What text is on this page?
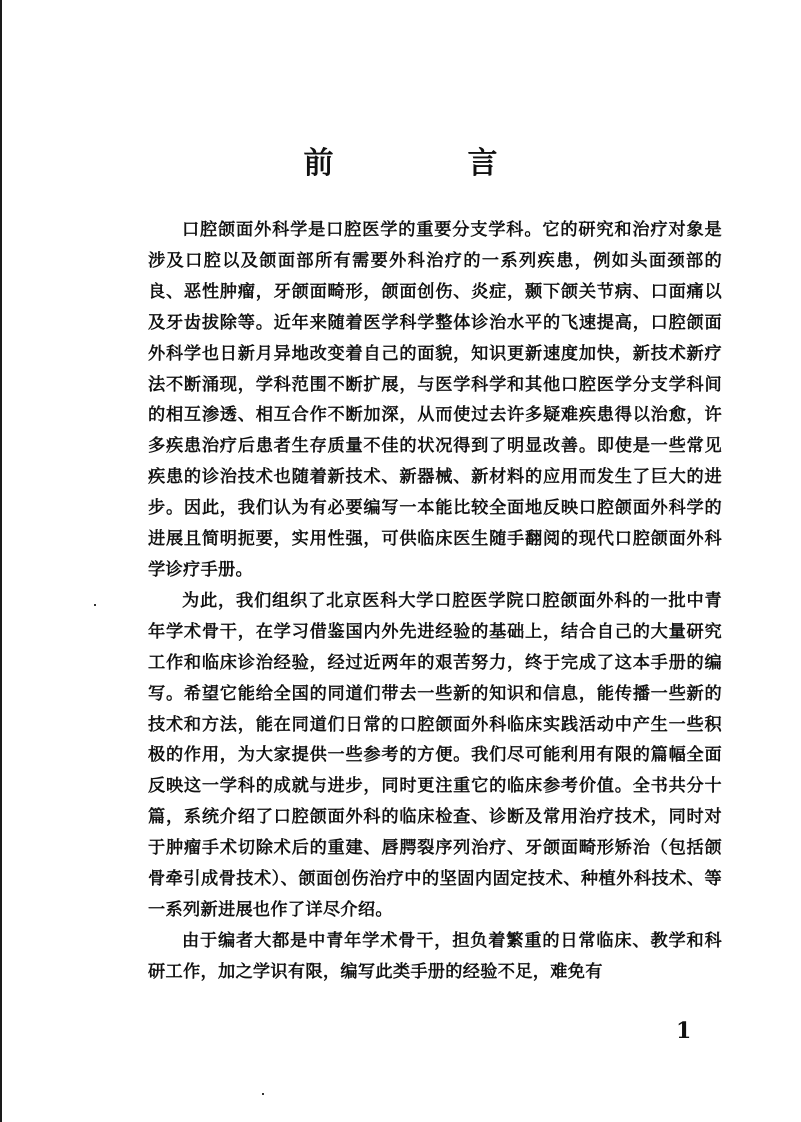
前　言

口腔颌面外科学是口腔医学的重要分支学科。它的研究和治疗对象是涉及口腔以及颌面部所有需要外科治疗的一系列疾患，例如头面颈部的良、恶性肿瘤，牙颌面畸形，颌面创伤、炎症，颞下颌关节病、口面痛以及牙齿拔除等。近年来随着医学科学整体诊治水平的飞速提高，口腔颌面外科学也日新月异地改变着自己的面貌，知识更新速度加快，新技术新疗法不断涌现，学科范围不断扩展，与医学科学和其他口腔医学分支学科间的相互渗透、相互合作不断加深，从而使过去许多疑难疾患得以治愈，许多疾患治疗后患者生存质量不佳的状况得到了明显改善。即使是一些常见疾患的诊治技术也随着新技术、新器械、新材料的应用而发生了巨大的进步。因此，我们认为有必要编写一本能比较全面地反映口腔颌面外科学的进展且简明扼要，实用性强，可供临床医生随手翻阅的现代口腔颌面外科学诊疗手册。

为此，我们组织了北京医科大学口腔医学院口腔颌面外科的一批中青年学术骨干，在学习借鉴国内外先进经验的基础上，结合自己的大量研究工作和临床诊治经验，经过近两年的艰苦努力，终于完成了这本手册的编写。希望它能给全国的同道们带去一些新的知识和信息，能传播一些新的技术和方法，能在同道们日常的口腔颌面外科临床实践活动中产生一些积极的作用，为大家提供一些参考的方便。我们尽可能利用有限的篇幅全面反映这一学科的成就与进步，同时更注重它的临床参考价值。全书共分十篇，系统介绍了口腔颌面外科的临床检查、诊断及常用治疗技术，同时对于肿瘤手术切除术后的重建、唇腭裂序列治疗、牙颌面畸形矫治（包括颌骨牵引成骨技术）、颌面创伤治疗中的坚固内固定技术、种植外科技术、等一系列新进展也作了详尽介绍。

由于编者大都是中青年学术骨干，担负着繁重的日常临床、教学和科研工作，加之学识有限，编写此类手册的经验不足，难免有

1
